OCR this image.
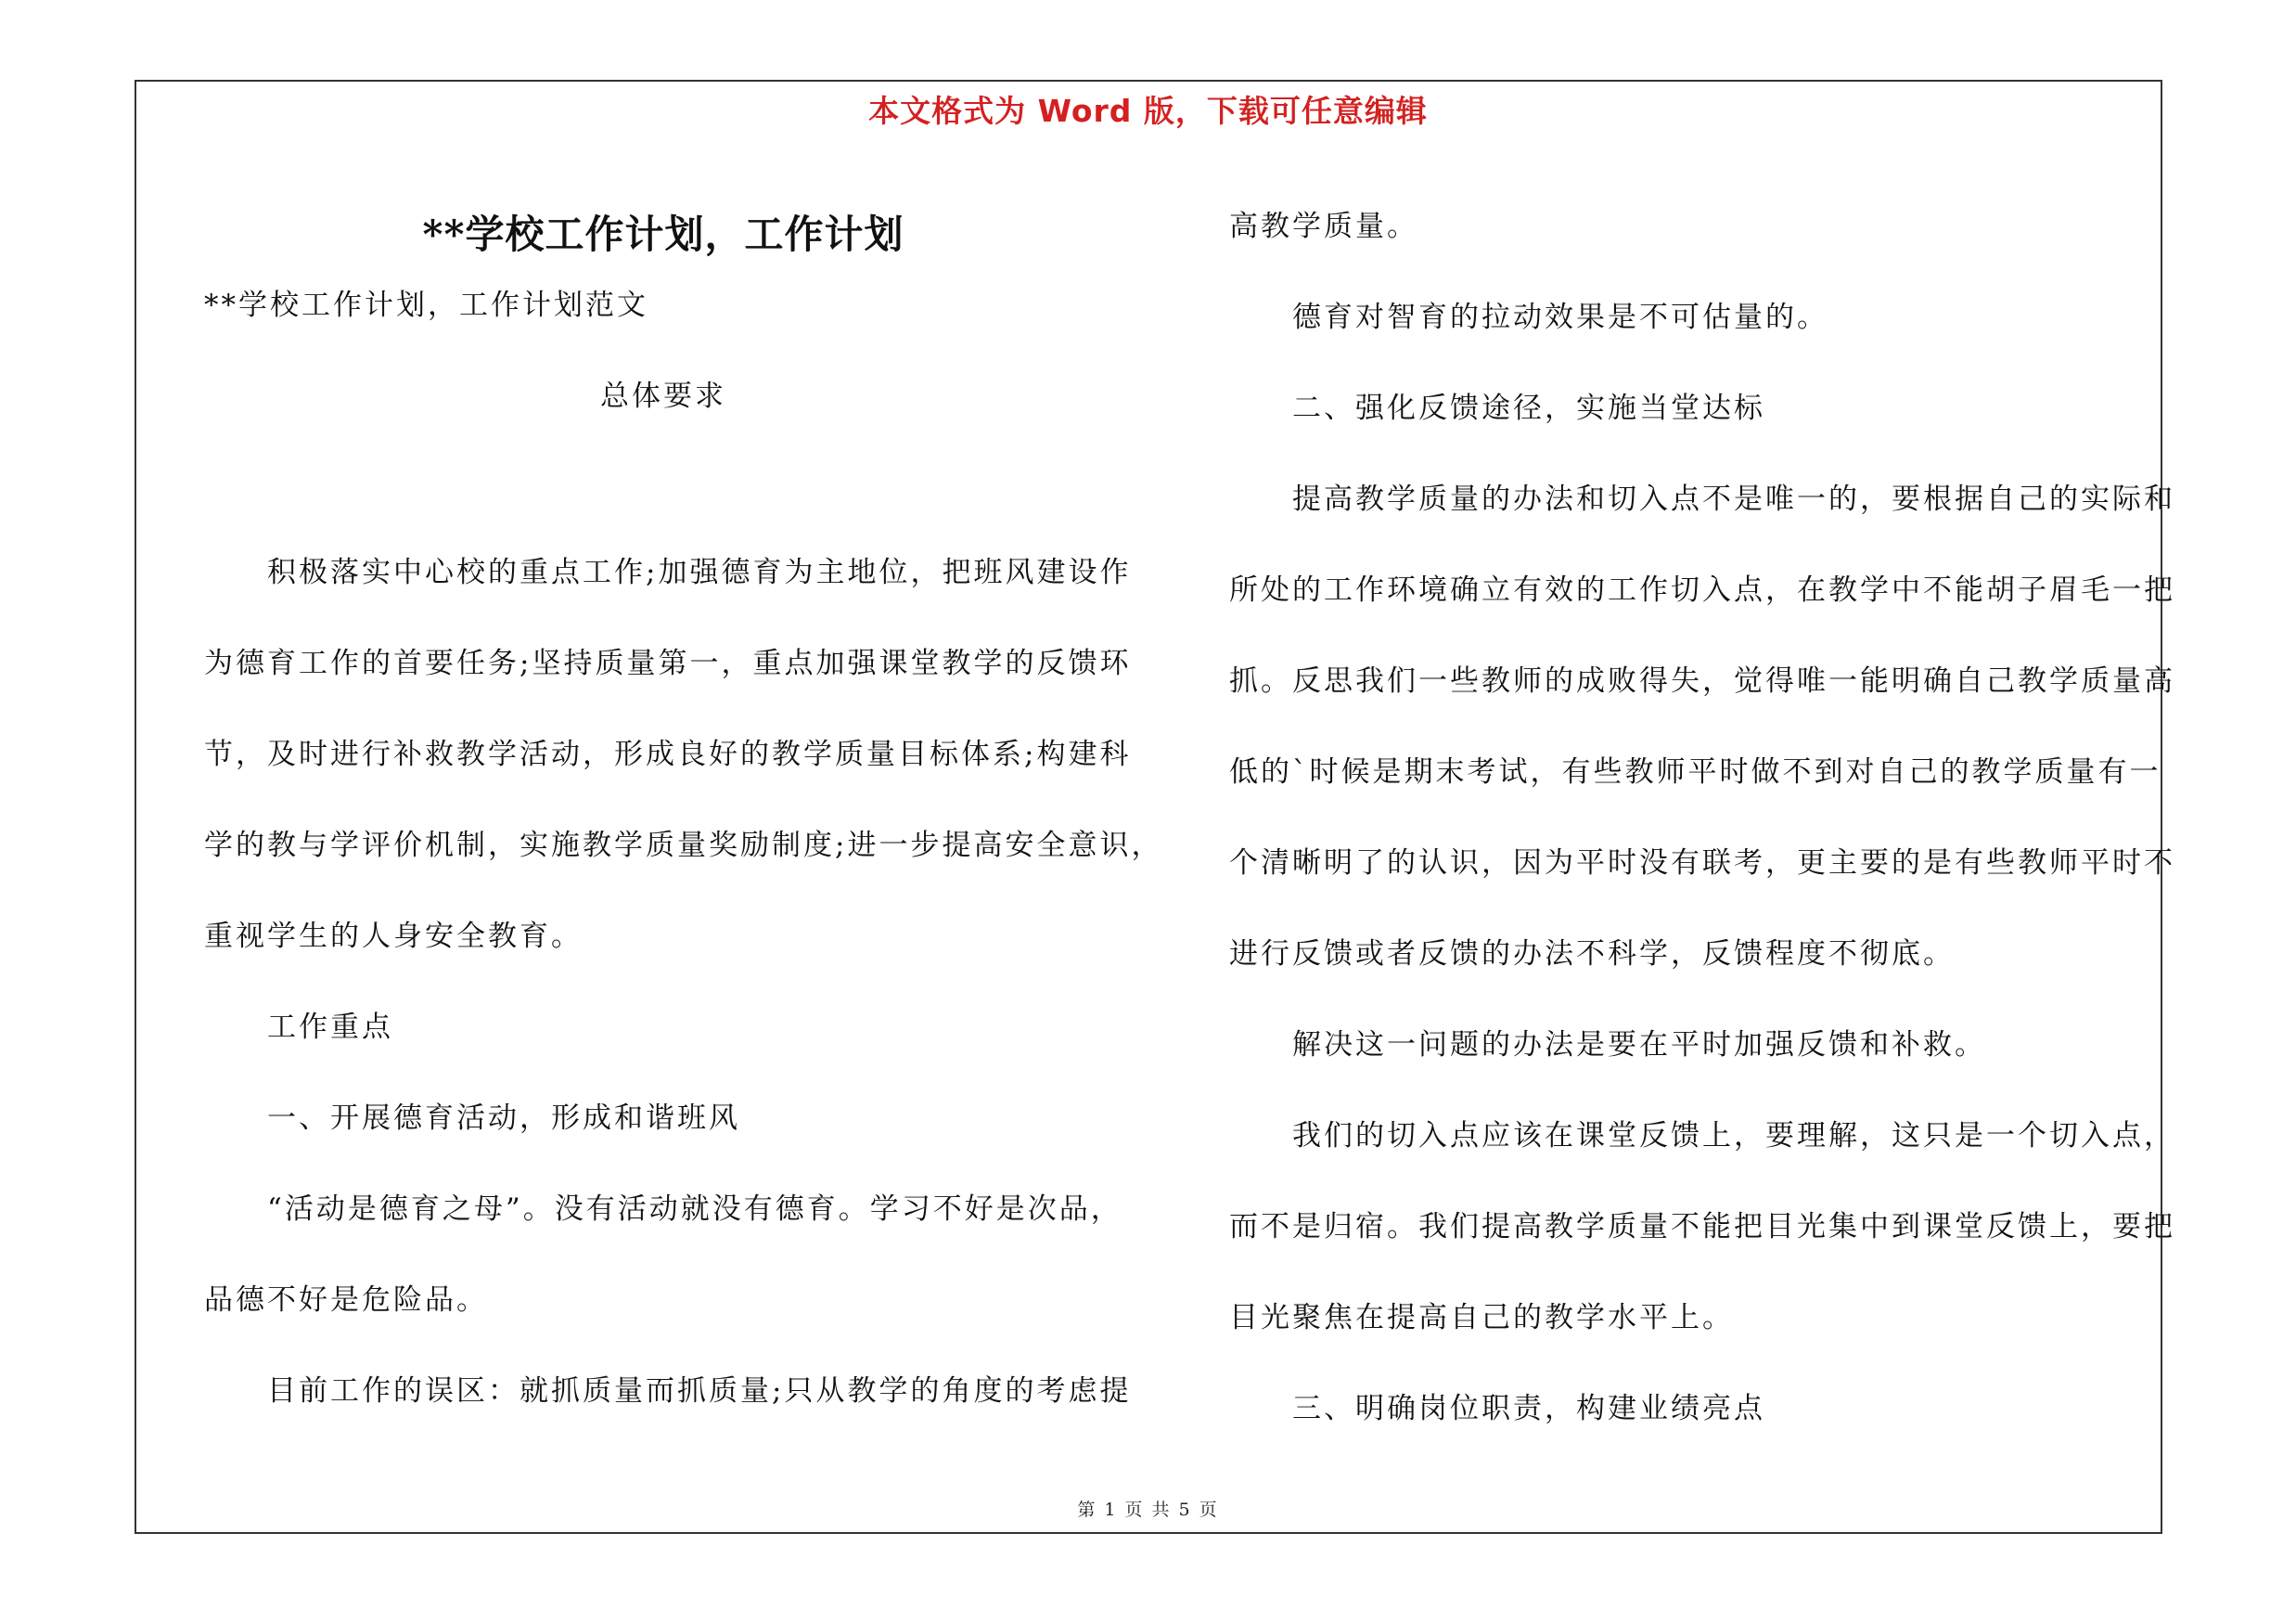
本文格式为 Word 版，下载可任意编辑
**学校工作计划，工作计划

**学校工作计划，工作计划范文

总体要求

积极落实中心校的重点工作;加强德育为主地位，把班风建设作

为德育工作的首要任务;坚持质量第一，重点加强课堂教学的反馈环

节，及时进行补救教学活动，形成良好的教学质量目标体系;构建科

学的教与学评价机制，实施教学质量奖励制度;进一步提高安全意识，

重视学生的人身安全教育。

工作重点

一、开展德育活动，形成和谐班风

“活动是德育之母”。没有活动就没有德育。学习不好是次品，

品德不好是危险品。

目前工作的误区：就抓质量而抓质量;只从教学的角度的考虑提

高教学质量。

德育对智育的拉动效果是不可估量的。

二、强化反馈途径，实施当堂达标

提高教学质量的办法和切入点不是唯一的，要根据自己的实际和

所处的工作环境确立有效的工作切入点，在教学中不能胡子眉毛一把

抓。反思我们一些教师的成败得失，觉得唯一能明确自己教学质量高

低的`时候是期末考试，有些教师平时做不到对自己的教学质量有一

个清晰明了的认识，因为平时没有联考，更主要的是有些教师平时不

进行反馈或者反馈的办法不科学，反馈程度不彻底。

解决这一问题的办法是要在平时加强反馈和补救。

我们的切入点应该在课堂反馈上，要理解，这只是一个切入点，

而不是归宿。我们提高教学质量不能把目光集中到课堂反馈上，要把

目光聚焦在提高自己的教学水平上。

三、明确岗位职责，构建业绩亮点

第 1 页 共 5 页
